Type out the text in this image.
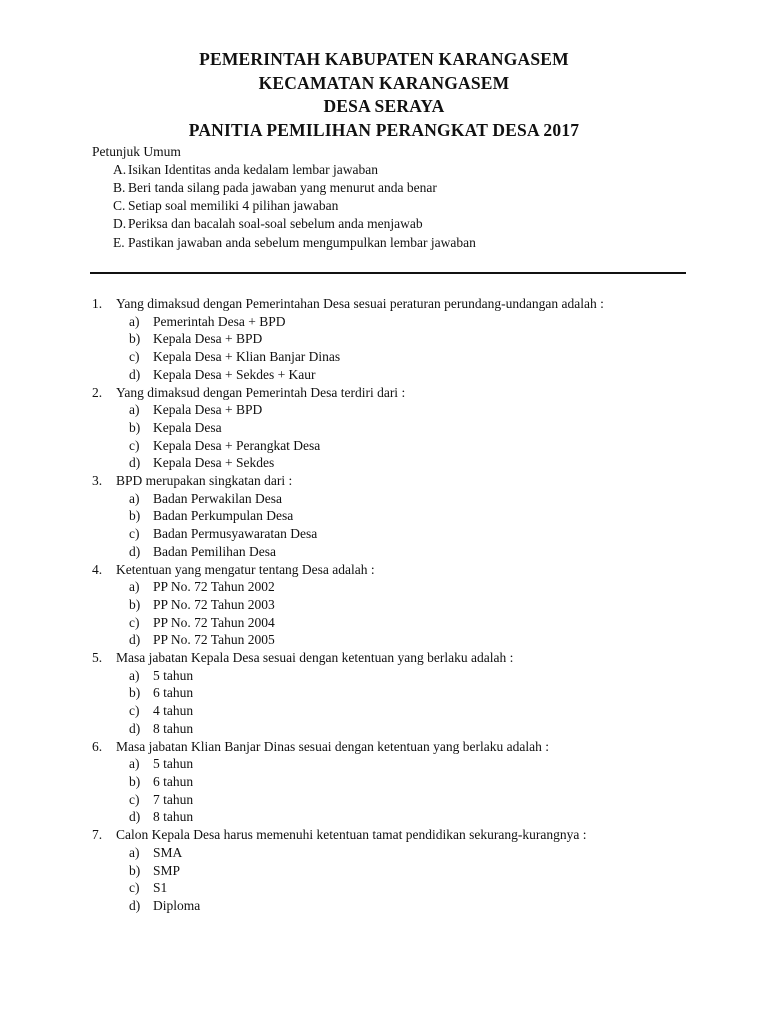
PEMERINTAH KABUPATEN KARANGASEM
KECAMATAN KARANGASEM
DESA SERAYA
PANITIA PEMILIHAN PERANGKAT DESA 2017
Petunjuk Umum
A. Isikan Identitas anda kedalam lembar jawaban
B. Beri tanda silang pada jawaban yang menurut anda benar
C. Setiap soal memiliki 4 pilihan jawaban
D. Periksa dan bacalah soal-soal sebelum anda menjawab
E. Pastikan jawaban anda sebelum mengumpulkan lembar jawaban
1.	Yang dimaksud dengan Pemerintahan Desa sesuai peraturan perundang-undangan adalah :
a)	Pemerintah Desa + BPD
b) Kepala Desa + BPD
c)	Kepala Desa + Klian Banjar Dinas
d) Kepala Desa + Sekdes + Kaur
2.	Yang dimaksud dengan Pemerintah Desa terdiri dari :
a)	Kepala Desa + BPD
b) Kepala Desa
c)	Kepala Desa + Perangkat Desa
d) Kepala Desa + Sekdes
3.	BPD merupakan singkatan dari :
a)	Badan Perwakilan Desa
b) Badan Perkumpulan Desa
c)	Badan Permusyawaratan Desa
d) Badan Pemilihan Desa
4.	Ketentuan yang mengatur tentang Desa adalah :
a)	PP No. 72 Tahun 2002
b) PP No. 72 Tahun 2003
c)	PP No. 72 Tahun 2004
d) PP No. 72 Tahun 2005
5.	Masa jabatan Kepala Desa sesuai dengan ketentuan yang berlaku adalah :
a)	5 tahun
b) 6 tahun
c)	4 tahun
d) 8 tahun
6.	Masa jabatan Klian Banjar Dinas sesuai dengan ketentuan yang berlaku adalah :
a)	5 tahun
b) 6 tahun
c)	7 tahun
d) 8 tahun
7.	Calon Kepala Desa harus memenuhi ketentuan tamat pendidikan sekurang-kurangnya :
a)	SMA
b) SMP
c)	S1
d) Diploma
